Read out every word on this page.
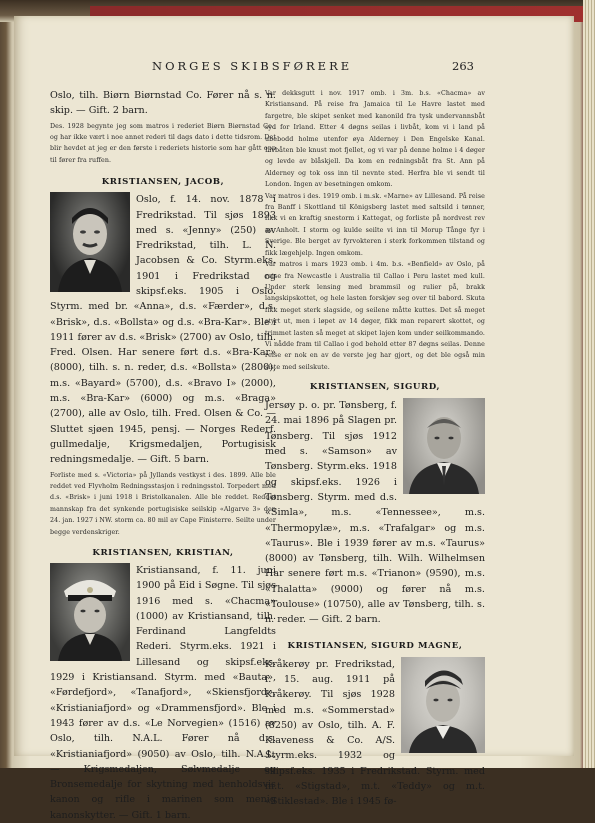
NORGES SKIBSFØRERE	263

Oslo, tilh. Biørn Biørnstad Co. Fører nå s. n. skip. — Gift. 2 barn.

Des. 1928 begynte jeg som matros i rederiet Biørn Biørnstad Co., og har ikke vært i noe annet rederi til dags dato i dette tidsrom. Det blir hevdet at jeg er den første i rederiets historie som har gått opp til fører fra ruffen.

KRISTIANSEN, JACOB,

Oslo, f. 14. nov. 1878 i Fredrikstad. Til sjøs 1893 med s. «Jenny» (250) av Fredrikstad, tilh. L. N. Jacobsen & Co. Styrm.eks. 1901 i Fredrikstad og skipsf.eks. 1905 i Oslo. Styrm. med br. «Anna», d.s. «Færder», d.s. «Brisk», d.s. «Bollsta» og d.s. «Bra-Kar». Ble i 1911 fører av d.s. «Brisk» (2700) av Oslo, tilh. Fred. Olsen. Har senere ført d.s. «Bra-Kar» (8000), tilh. s. n. reder, d.s. «Bollsta» (2800), m.s. «Bayard» (5700), d.s. «Bravo I» (2000), m.s. «Bra-Kar» (6000) og m.s. «Braga» (2700), alle av Oslo, tilh. Fred. Olsen & Co. — Sluttet sjøen 1945, pensj. — Norges Rederf. gullmedalje, Krigsmedaljen, Portugisisk redningsmedalje. — Gift. 5 barn.

Forliste med s. «Victoria» på Jyllands vestkyst i des. 1899. Alle ble reddet ved Flyvholm Redningsstasjon i redningsstol. Torpedert med d.s. «Brisk» i juni 1918 i Bristolkanalen. Alle ble reddet. Reddet mannskap fra det synkende portugisiske seilskip «Algarve 3» den 24. jan. 1927 i NW. storm ca. 80 mil av Cape Finisterre. Seilte under begge verdenskriger.

KRISTIANSEN, KRISTIAN,

Kristiansand, f. 11. juni 1900 på Eid i Søgne. Til sjøs 1916 med s. «Chacma» (1000) av Kristiansand, tilh. Ferdinand Langfeldts Rederi. Styrm.eks. 1921 i Lillesand og skipsf.eks. 1929 i Kristiansand. Styrm. med «Bauta», «Førdefjord», «Tanafjord», «Skiensfjord», «Kristianiafjord» og «Drammensfjord». Ble i 1943 fører av d.s. «Le Norvegien» (1516) av Oslo, tilh. N.A.L. Fører nå d.s. «Kristianiafjord» (9050) av Oslo, tilh. N.A.L. — Krigsmedaljen, Sølvmedalje og Bronsemedalje for skytning med henholdsvis kanon og rifle i marinen som menig kanonskytter. — Gift. 1 barn.

Var dekksgutt i nov. 1917 omb. i 3m. b.s. «Chacma» av Kristiansand. På reise fra Jamaica til Le Havre lastet med fargetre, ble skipet senket med kanonild fra tysk undervannsbåt syd for Irland. Etter 4 døgns seilas i livbåt, kom vi i land på ubebodd holme utenfor øya Alderney i Den Engelske Kanal. Livbåten ble knust mot fjellet, og vi var på denne holme i 4 døger og levde av blåskjell. Da kom en redningsbåt fra St. Ann på Alderney og tok oss inn til nevnte sted. Herfra ble vi sendt til London. Ingen av besetningen omkom.

Var matros i des. 1919 omb. i m.sk. «Marne» av Lillesand. På reise fra Banff i Skottland til Königsberg lastet med saltsild i tønner, fikk vi en kraftig snestorm i Kattegat, og forliste på nordvest rev av Anholt. I storm og kulde seilte vi inn til Morup Tånge fyr i Sverige. Ble berget av fyrvokteren i sterk forkommen tilstand og fikk lægehjelp. Ingen omkom.

Var matros i mars 1923 omb. i 4m. b.s. «Benfield» av Oslo, på reise fra Newcastle i Australia til Callao i Peru lastet med kull. Under sterk lensing med brammsil og rulier på, brakk langskipskottet, og hele lasten forskjøv seg over til babord. Skuta fikk meget sterk slagside, og seilene måtte kuttes. Det så meget styrt ut, men i løpet av 14 døger, fikk man reparert skottet, og trimmet lasten så meget at skipet lajen kom under seilkommando. Vi nådde fram til Callao i god behold etter 87 døgns seilas. Denne reise er nok en av de verste jeg har gjort, og det ble også min siste med seilskute.

KRISTIANSEN, SIGURD,

Jersøy p. o. pr. Tønsberg, f. 24. mai 1896 på Slagen pr. Tønsberg. Til sjøs 1912 med s. «Samson» av Tønsberg. Styrm.eks. 1918 og skipsf.eks. 1926 i Tønsberg. Styrm. med d.s. «Simla», m.s. «Tennessee», m.s. «Thermopylæ», m.s. «Trafalgar» og m.s. «Taurus». Ble i 1939 fører av m.s. «Taurus» (8000) av Tønsberg, tilh. Wilh. Wilhelmsen Har senere ført m.s. «Trianon» (9590), m.s. «Thalatta» (9000) og fører nå m.s. «Toulouse» (10750), alle av Tønsberg, tilh. s. n. reder. — Gift. 2 barn.

KRISTIANSEN, SIGURD MAGNE,

Kråkerøy pr. Fredrikstad, f. 15. aug. 1911 på Kråkerøy. Til sjøs 1928 med m.s. «Sommerstad» (8250) av Oslo, tilh. A. F. Klaveness & Co. A/S. Styrm.eks. 1932 og skipsf.eks. 1935 i Fredrikstad. Styrm. med m.t. «Stigstad», m.t. «Teddy» og m.t. «Stiklestad». Ble i 1945 fø-
